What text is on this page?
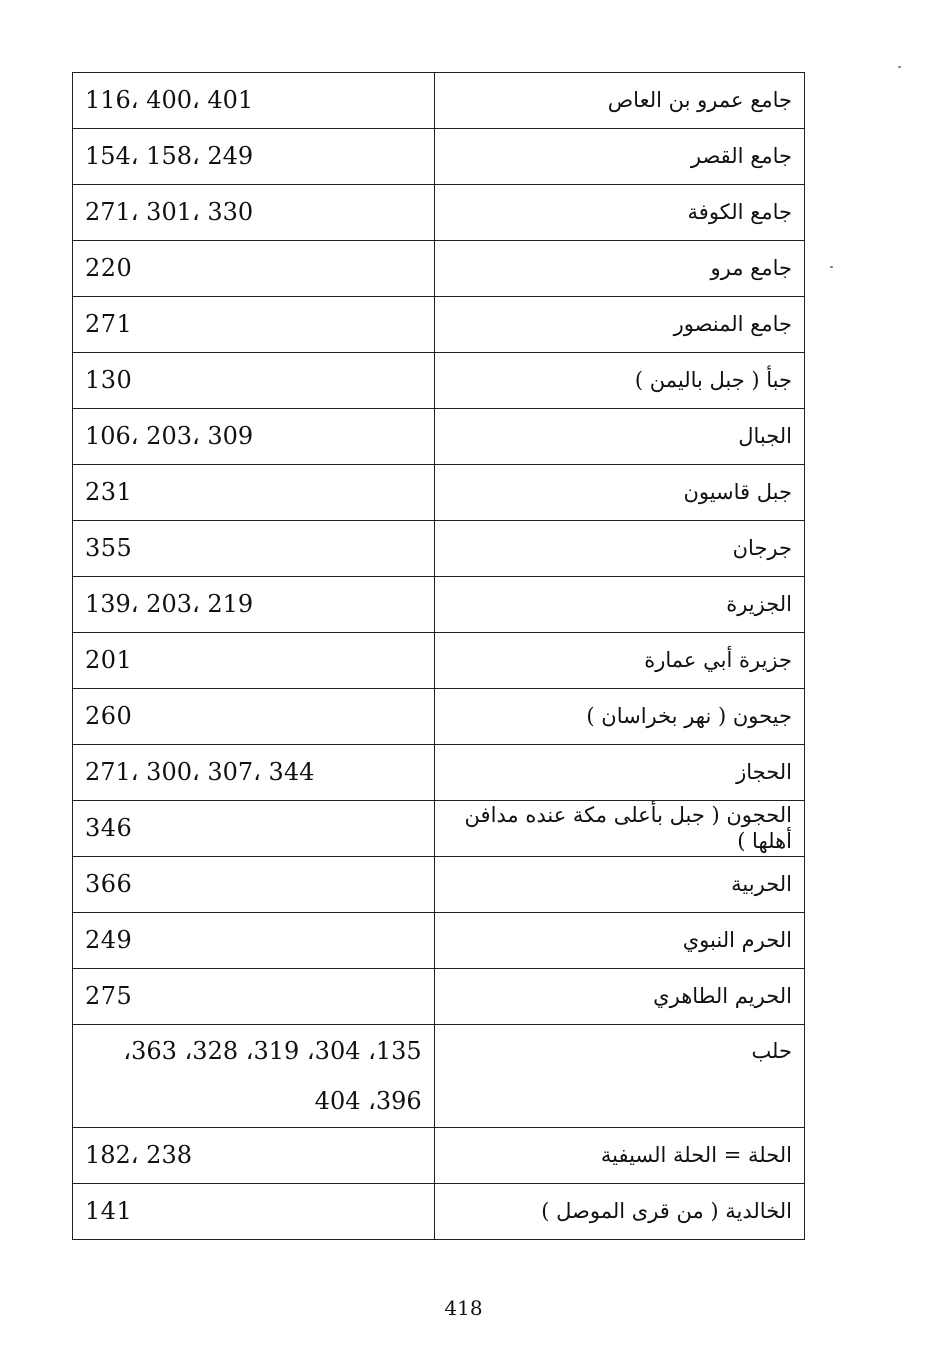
جامع عمرو بن العاص	116، 400، 401
جامع القصر	154، 158، 249
جامع الكوفة	271، 301، 330
جامع مرو	220
جامع المنصور	271
جبأ ( جبل باليمن )	130
الجبال	106، 203، 309
جبل قاسيون	231
جرجان	355
الجزيرة	139، 203، 219
جزيرة أبي عمارة	201
جيحون ( نهر بخراسان )	260
الحجاز	271، 300، 307، 344
الحجون ( جبل بأعلى مكة عنده مدافن أهلها )	346
الحربية	366
الحرم النبوي	249
الحريم الطاهري	275
حلب	135، 304، 319، 328، 363، 396، 404
الحلة = الحلة السيفية	182، 238
الخالدية ( من قرى الموصل )	141
418
